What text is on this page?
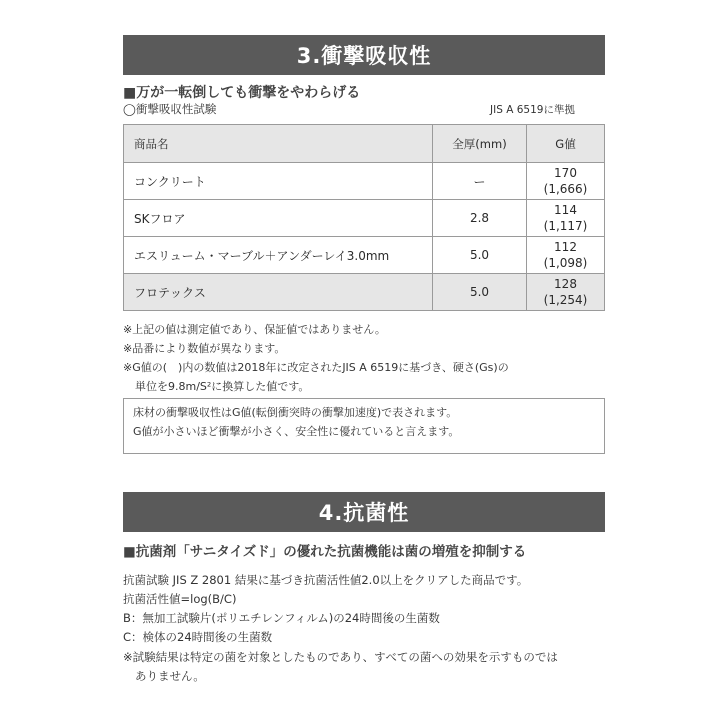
3.衝撃吸収性
■万が一転倒しても衝撃をやわらげる
◯衝撃吸収性試験	JIS A 6519に準拠
商品名	全厚(mm)	G値
コンクリート	ー	170
(1,666)

SKフロア	2.8	114
(1,117)

エスリューム・マーブル＋アンダーレイ3.0mm	5.0	112
(1,098)

フロテックス	5.0	128
(1,254)
※上記の値は測定値であり、保証値ではありません。
※品番により数値が異なります。
※G値の(　)内の数値は2018年に改定されたJIS A 6519に基づき、硬さ(Gs)の
単位を9.8m/S²に換算した値です。
床材の衝撃吸収性はG値(転倒衝突時の衝撃加速度)で表されます。
G値が小さいほど衝撃が小さく、安全性に優れていると言えます。
4.抗菌性
■抗菌剤「サニタイズド」の優れた抗菌機能は菌の増殖を抑制する
抗菌試験 JIS Z 2801 結果に基づき抗菌活性値2.0以上をクリアした商品です。
抗菌活性値=log(B/C)
B：無加工試験片(ポリエチレンフィルム)の24時間後の生菌数
C：検体の24時間後の生菌数
※試験結果は特定の菌を対象としたものであり、すべての菌への効果を示すものでは
ありません。
